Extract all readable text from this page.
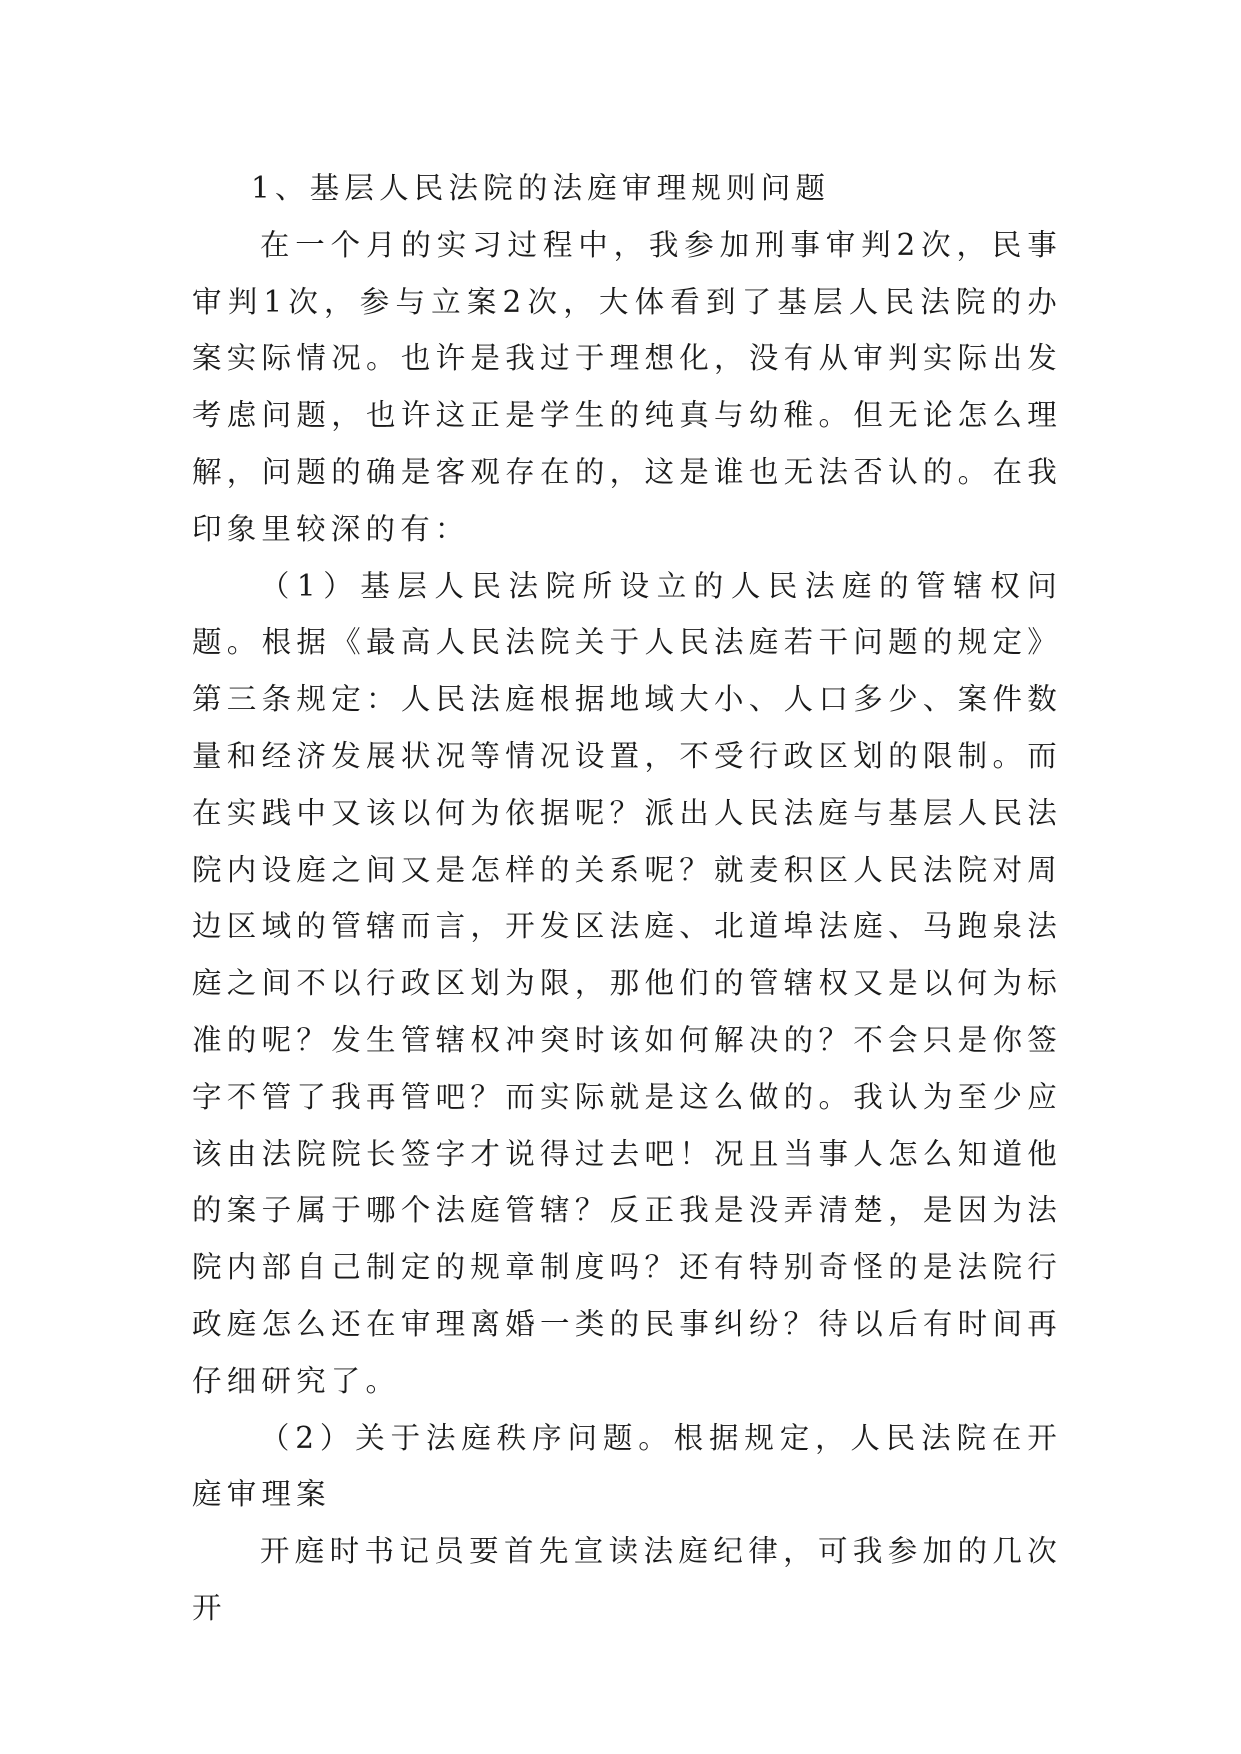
1、基层人民法院的法庭审理规则问题

在一个月的实习过程中，我参加刑事审判2次，民事审判1次，参与立案2次，大体看到了基层人民法院的办案实际情况。也许是我过于理想化，没有从审判实际出发考虑问题，也许这正是学生的纯真与幼稚。但无论怎么理解，问题的确是客观存在的，这是谁也无法否认的。在我印象里较深的有：

（1）基层人民法院所设立的人民法庭的管辖权问题。根据《最高人民法院关于人民法庭若干问题的规定》第三条规定：人民法庭根据地域大小、人口多少、案件数量和经济发展状况等情况设置，不受行政区划的限制。而在实践中又该以何为依据呢？派出人民法庭与基层人民法院内设庭之间又是怎样的关系呢？就麦积区人民法院对周边区域的管辖而言，开发区法庭、北道埠法庭、马跑泉法庭之间不以行政区划为限，那他们的管辖权又是以何为标准的呢？发生管辖权冲突时该如何解决的？不会只是你签字不管了我再管吧？而实际就是这么做的。我认为至少应该由法院院长签字才说得过去吧！况且当事人怎么知道他的案子属于哪个法庭管辖？反正我是没弄清楚，是因为法院内部自己制定的规章制度吗？还有特别奇怪的是法院行政庭怎么还在审理离婚一类的民事纠纷？待以后有时间再仔细研究了。

（2）关于法庭秩序问题。根据规定，人民法院在开庭审理案

开庭时书记员要首先宣读法庭纪律，可我参加的几次开
